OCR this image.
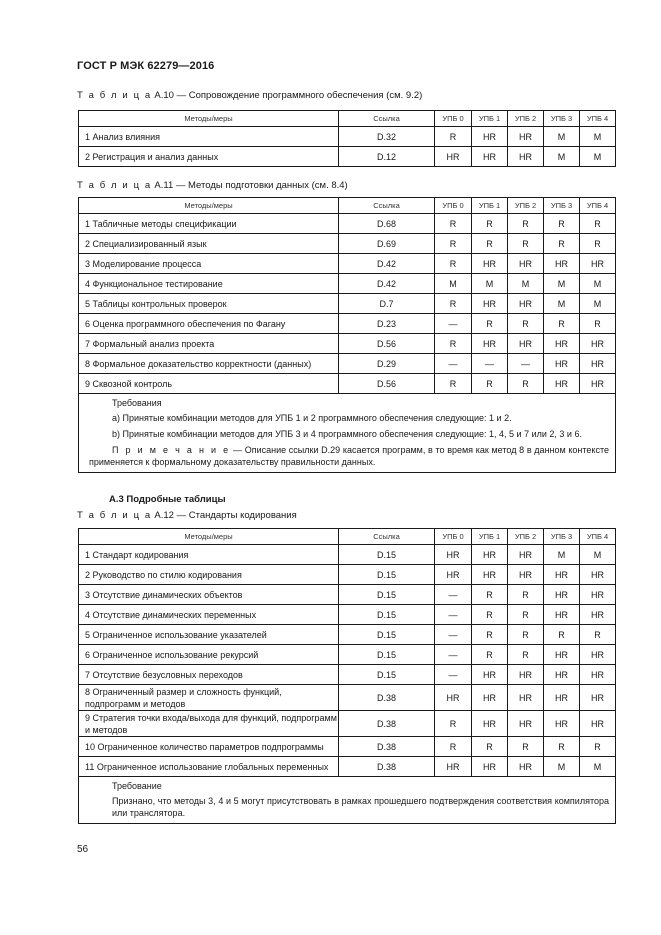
ГОСТ Р МЭК 62279—2016
Т а б л и ц а А.10 — Сопровождение программного обеспечения (см. 9.2)
Методы/меры	Ссылка	УПБ 0	УПБ 1	УПБ 2	УПБ 3	УПБ 4
1 Анализ влияния	D.32	R	HR	HR	M	M
2 Регистрация и анализ данных	D.12	HR	HR	HR	M	M
Т а б л и ц а А.11 — Методы подготовки данных (см. 8.4)
Методы/меры	Ссылка	УПБ 0	УПБ 1	УПБ 2	УПБ 3	УПБ 4
1 Табличные методы спецификации	D.68	R	R	R	R	R
2 Специализированный язык	D.69	R	R	R	R	R
3 Моделирование процесса	D.42	R	HR	HR	HR	HR
4 Функциональное тестирование	D.42	M	M	M	M	M
5 Таблицы контрольных проверок	D.7	R	HR	HR	M	M
6 Оценка программного обеспечения по Фагану	D.23	—	R	R	R	R
7 Формальный анализ проекта	D.56	R	HR	HR	HR	HR
8 Формальное доказательство корректности (данных)	D.29	—	—	—	HR	HR
9 Сквозной контроль	D.56	R	R	R	HR	HR

Требования
а) Принятые комбинации методов для УПБ 1 и 2 программного обеспечения следующие: 1 и 2.
b) Принятые комбинации методов для УПБ 3 и 4 программного обеспечения следующие: 1, 4, 5 и 7 или 2, 3 и 6.
П р и м е ч а н и е — Описание ссылки D.29 касается программ, в то время как метод 8 в данном контексте применяется к формальному доказательству правильности данных.						
А.3 Подробные таблицы
Т а б л и ц а А.12 — Стандарты кодирования
Методы/меры	Ссылка	УПБ 0	УПБ 1	УПБ 2	УПБ 3	УПБ 4
1 Стандарт кодирования	D.15	HR	HR	HR	M	M
2 Руководство по стилю кодирования	D.15	HR	HR	HR	HR	HR
3 Отсутствие динамических объектов	D.15	—	R	R	HR	HR
4 Отсутствие динамических переменных	D.15	—	R	R	HR	HR
5 Ограниченное использование указателей	D.15	—	R	R	R	R
6 Ограниченное использование рекурсий	D.15	—	R	R	HR	HR
7 Отсутствие безусловных переходов	D.15	—	HR	HR	HR	HR
8 Ограниченный размер и сложность функций, подпрограмм и методов	D.38	HR	HR	HR	HR	HR
9 Стратегия точки входа/выхода для функций, подпрограмм и методов	D.38	R	HR	HR	HR	HR
10 Ограниченное количество параметров подпрограммы	D.38	R	R	R	R	R
11 Ограниченное использование глобальных переменных	D.38	HR	HR	HR	M	M

Требование
Признано, что методы 3, 4 и 5 могут присутствовать в рамках прошедшего подтверждения соответствия компилятора или транслятора.						
56
